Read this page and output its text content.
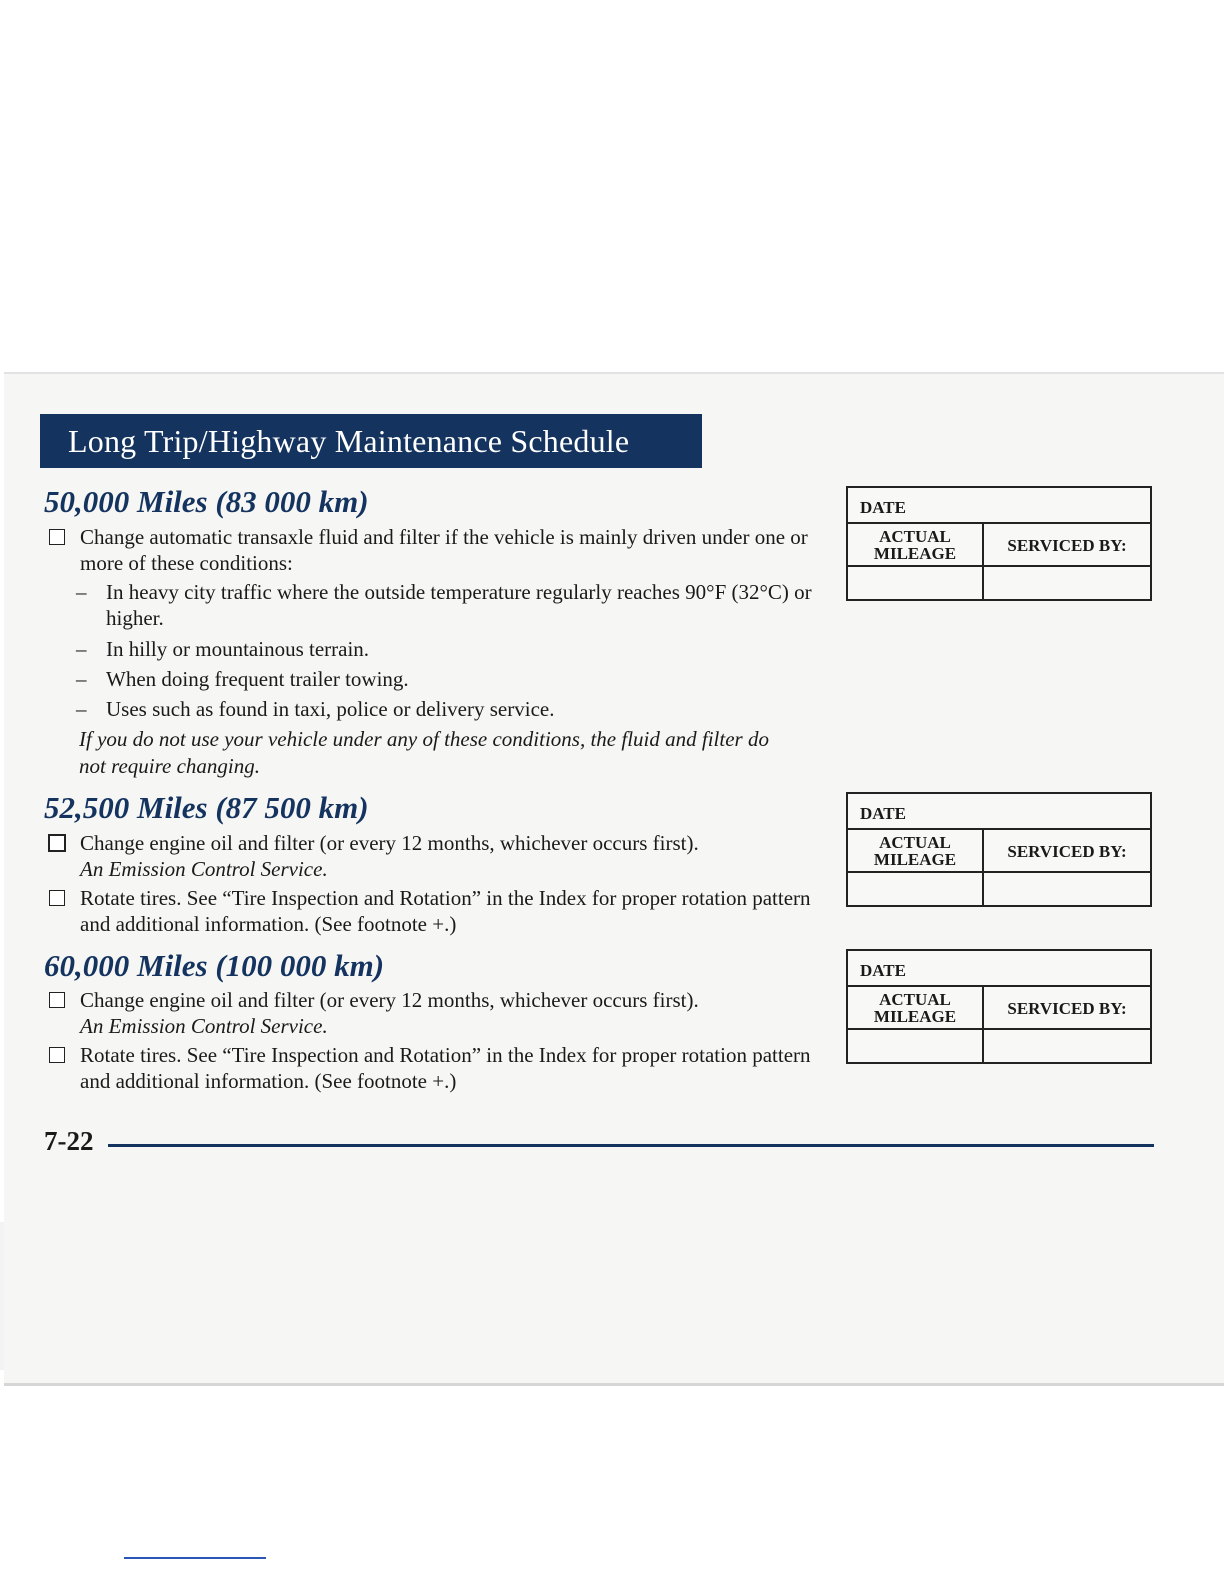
Long Trip/Highway Maintenance Schedule
50,000 Miles (83 000 km)
Change automatic transaxle fluid and filter if the vehicle is mainly driven under one or more of these conditions:
– In heavy city traffic where the outside temperature regularly reaches 90°F (32°C) or higher.
– In hilly or mountainous terrain.
– When doing frequent trailer towing.
– Uses such as found in taxi, police or delivery service.
If you do not use your vehicle under any of these conditions, the fluid and filter do not require changing.
52,500 Miles (87 500 km)
Change engine oil and filter (or every 12 months, whichever occurs first).
An Emission Control Service.
Rotate tires. See “Tire Inspection and Rotation” in the Index for proper rotation pattern and additional information. (See footnote +.)
60,000 Miles (100 000 km)
Change engine oil and filter (or every 12 months, whichever occurs first).
An Emission Control Service.
Rotate tires. See “Tire Inspection and Rotation” in the Index for proper rotation pattern and additional information. (See footnote +.)
DATE
ACTUAL
MILEAGE	SERVICED BY:
DATE
ACTUAL
MILEAGE	SERVICED BY:
DATE
ACTUAL
MILEAGE	SERVICED BY:
7-22
